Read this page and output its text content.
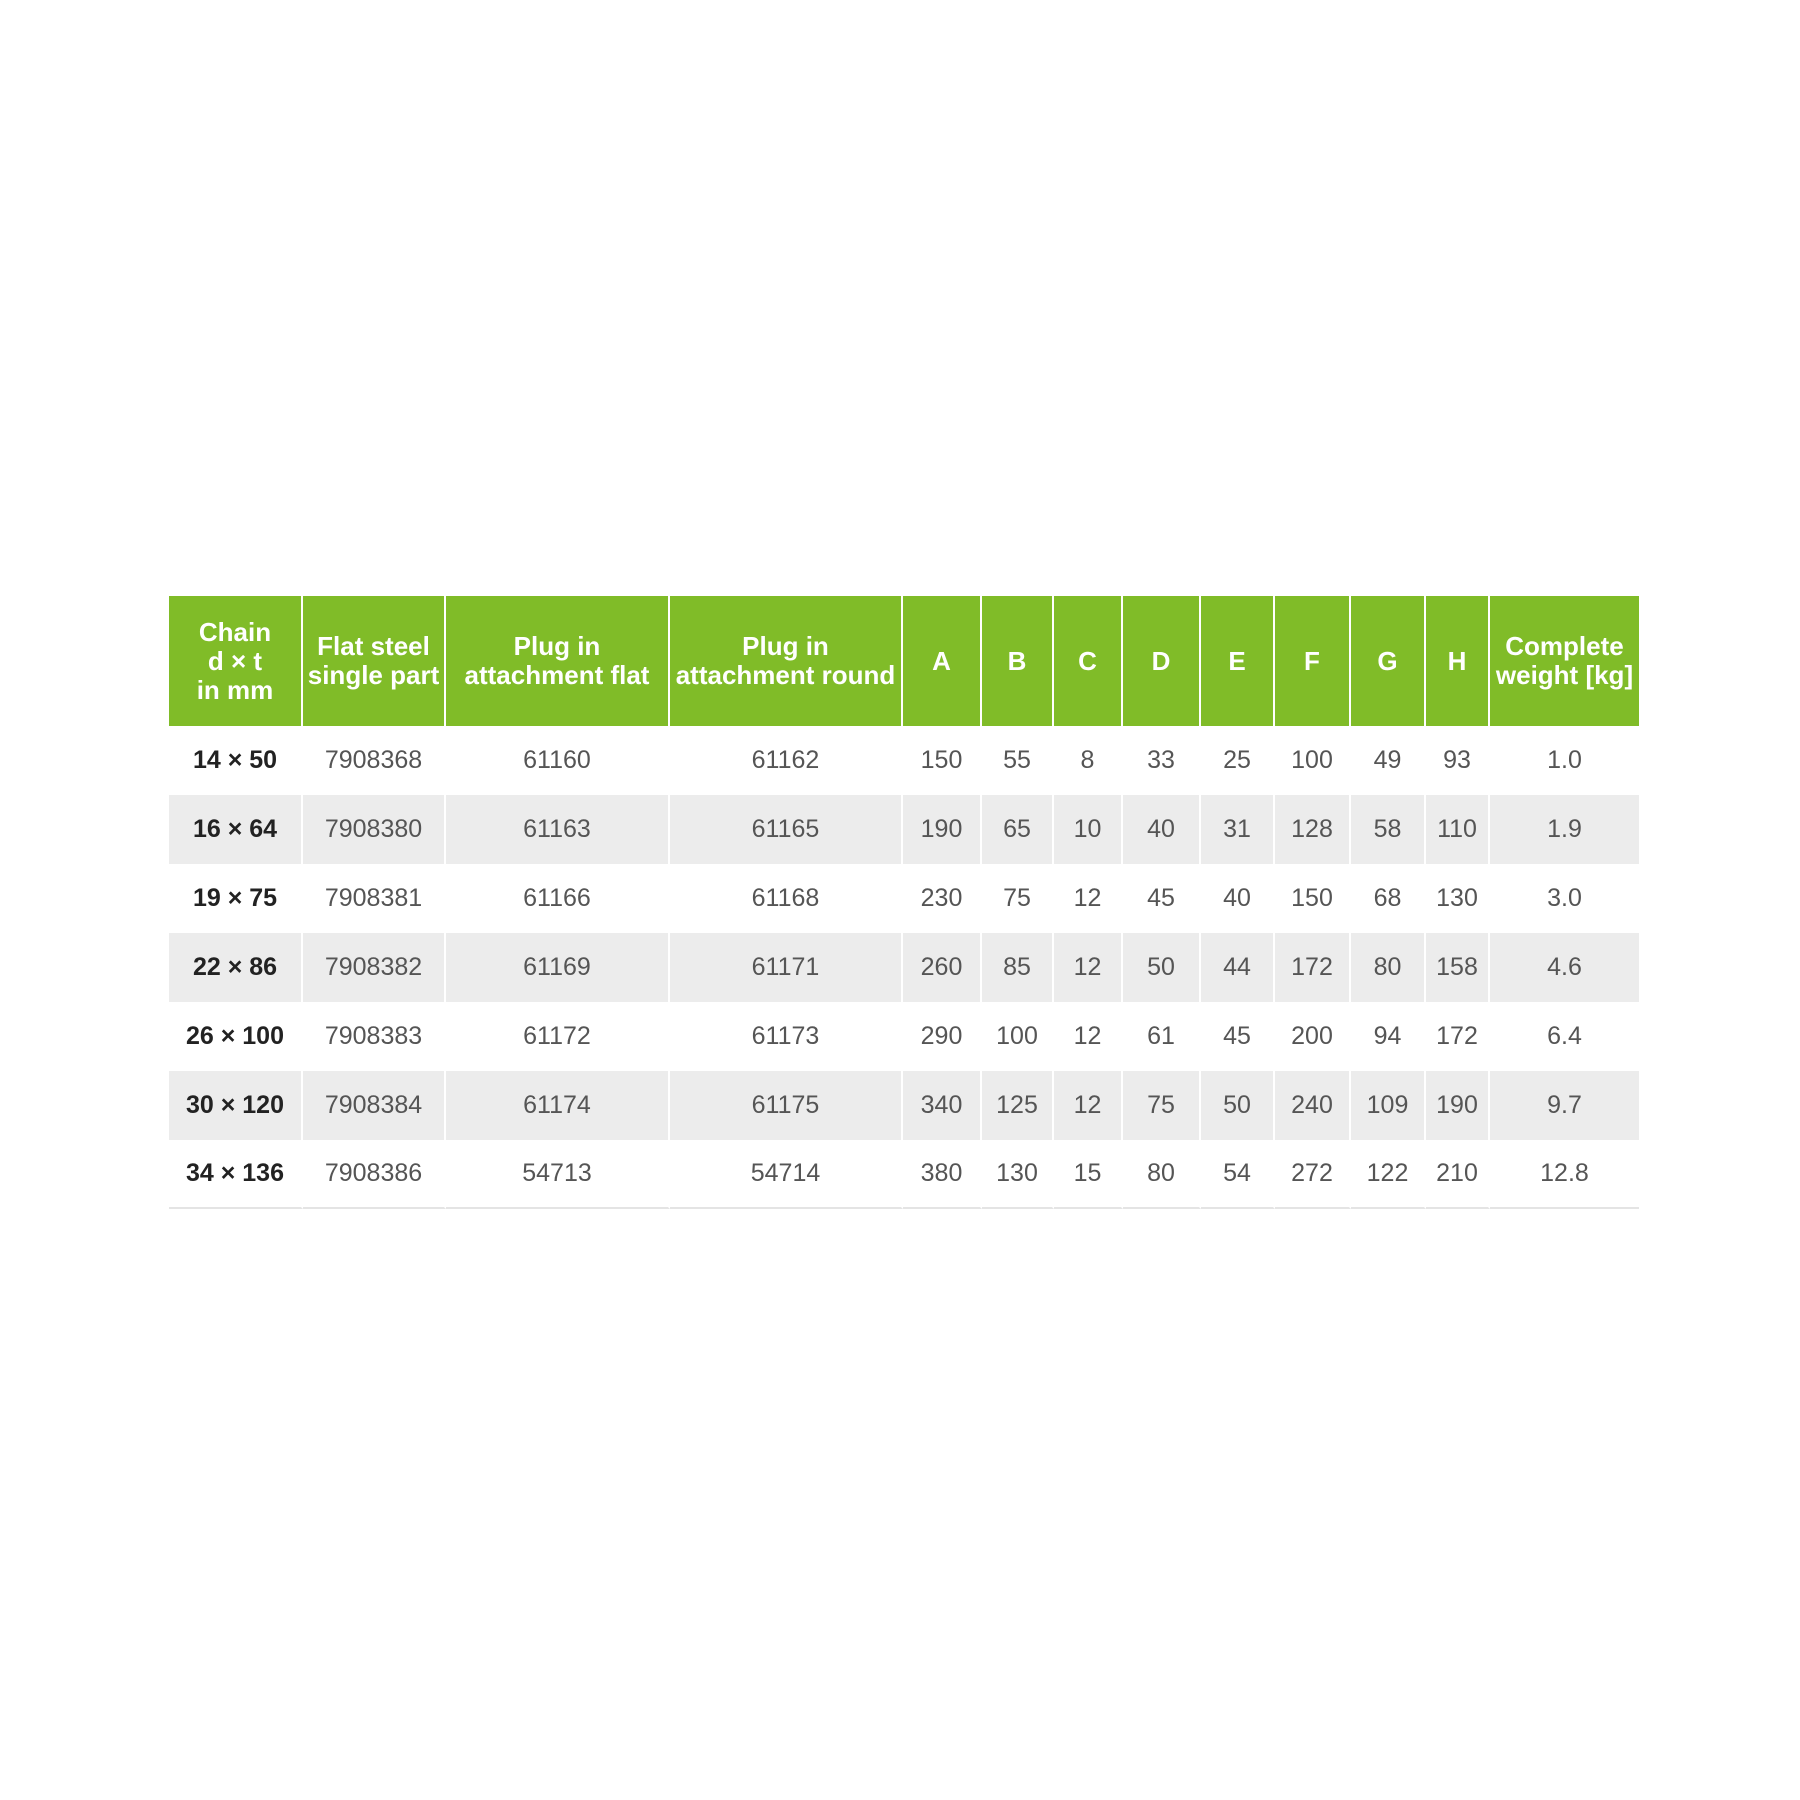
Chain
d × t
in mm	Flat steel
single part	Plug in
attachment flat	Plug in
attachment round	A	B	C	D	E	F	G	H	Complete
weight [kg]
14 × 50	7908368	61160	61162	150	55	8	33	25	100	49	93	1.0
16 × 64	7908380	61163	61165	190	65	10	40	31	128	58	110	1.9
19 × 75	7908381	61166	61168	230	75	12	45	40	150	68	130	3.0
22 × 86	7908382	61169	61171	260	85	12	50	44	172	80	158	4.6
26 × 100	7908383	61172	61173	290	100	12	61	45	200	94	172	6.4
30 × 120	7908384	61174	61175	340	125	12	75	50	240	109	190	9.7
34 × 136	7908386	54713	54714	380	130	15	80	54	272	122	210	12.8
